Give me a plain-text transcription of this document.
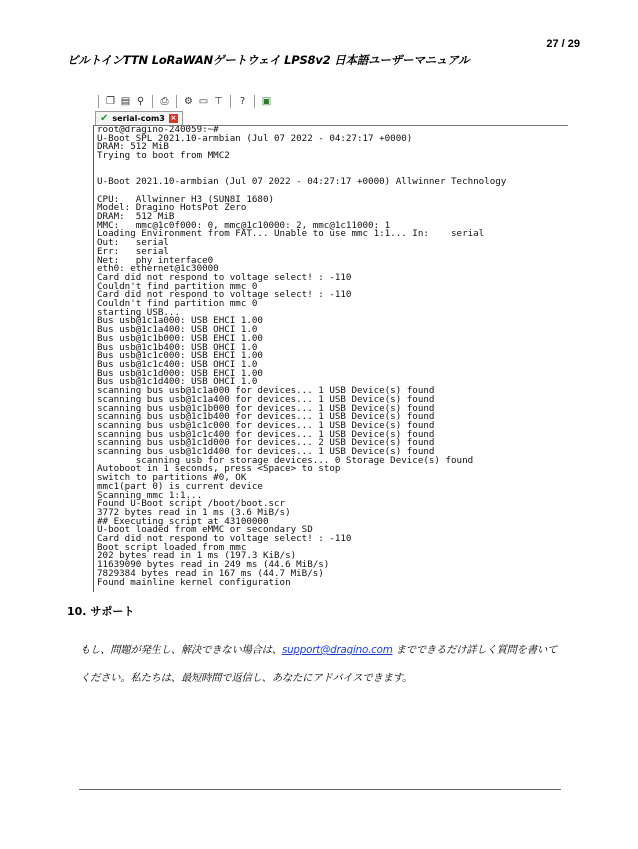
27 / 29
ビルトインTTN LoRaWANゲートウェイ LPS8v2 日本語ユーザーマニュアル
❐ ▤ ⚲ ⎙ ⚙ ▭ ⊤	?	▣
✔ serial-com3 ×
root@dragino-240059:~#
U-Boot SPL 2021.10-armbian (Jul 07 2022 - 04:27:17 +0000)
DRAM: 512 MiB
Trying to boot from MMC2

U-Boot 2021.10-armbian (Jul 07 2022 - 04:27:17 +0000) Allwinner Technology

CPU:   Allwinner H3 (SUN8I 1680)
Model: Dragino HotsPot Zero
DRAM:  512 MiB
MMC:   mmc@1c0f000: 0, mmc@1c10000: 2, mmc@1c11000: 1
Loading Environment from FAT... Unable to use mmc 1:1... In:    serial
Out:   serial
Err:   serial
Net:   phy interface0
eth0: ethernet@1c30000
Card did not respond to voltage select! : -110
Couldn't find partition mmc 0
Card did not respond to voltage select! : -110
Couldn't find partition mmc 0
starting USB...
Bus usb@1c1a000: USB EHCI 1.00
Bus usb@1c1a400: USB OHCI 1.0
Bus usb@1c1b000: USB EHCI 1.00
Bus usb@1c1b400: USB OHCI 1.0
Bus usb@1c1c000: USB EHCI 1.00
Bus usb@1c1c400: USB OHCI 1.0
Bus usb@1c1d000: USB EHCI 1.00
Bus usb@1c1d400: USB OHCI 1.0
scanning bus usb@1c1a000 for devices... 1 USB Device(s) found
scanning bus usb@1c1a400 for devices... 1 USB Device(s) found
scanning bus usb@1c1b000 for devices... 1 USB Device(s) found
scanning bus usb@1c1b400 for devices... 1 USB Device(s) found
scanning bus usb@1c1c000 for devices... 1 USB Device(s) found
scanning bus usb@1c1c400 for devices... 1 USB Device(s) found
scanning bus usb@1c1d000 for devices... 2 USB Device(s) found
scanning bus usb@1c1d400 for devices... 1 USB Device(s) found
scanning usb for storage devices... 0 Storage Device(s) found
Autoboot in 1 seconds, press <Space> to stop
switch to partitions #0, OK
mmc1(part 0) is current device
Scanning mmc 1:1...
Found U-Boot script /boot/boot.scr
3772 bytes read in 1 ms (3.6 MiB/s)
## Executing script at 43100000
U-boot loaded from eMMC or secondary SD
Card did not respond to voltage select! : -110
Boot script loaded from mmc
202 bytes read in 1 ms (197.3 KiB/s)
11639090 bytes read in 249 ms (44.6 MiB/s)
7829384 bytes read in 167 ms (44.7 MiB/s)
Found mainline kernel configuration
10. サポート
もし、問題が発生し、解決できない場合は、support@dragino.com までできるだけ詳しく質問を書いて
ください。私たちは、最短時間で返信し、あなたにアドバイスできます。
